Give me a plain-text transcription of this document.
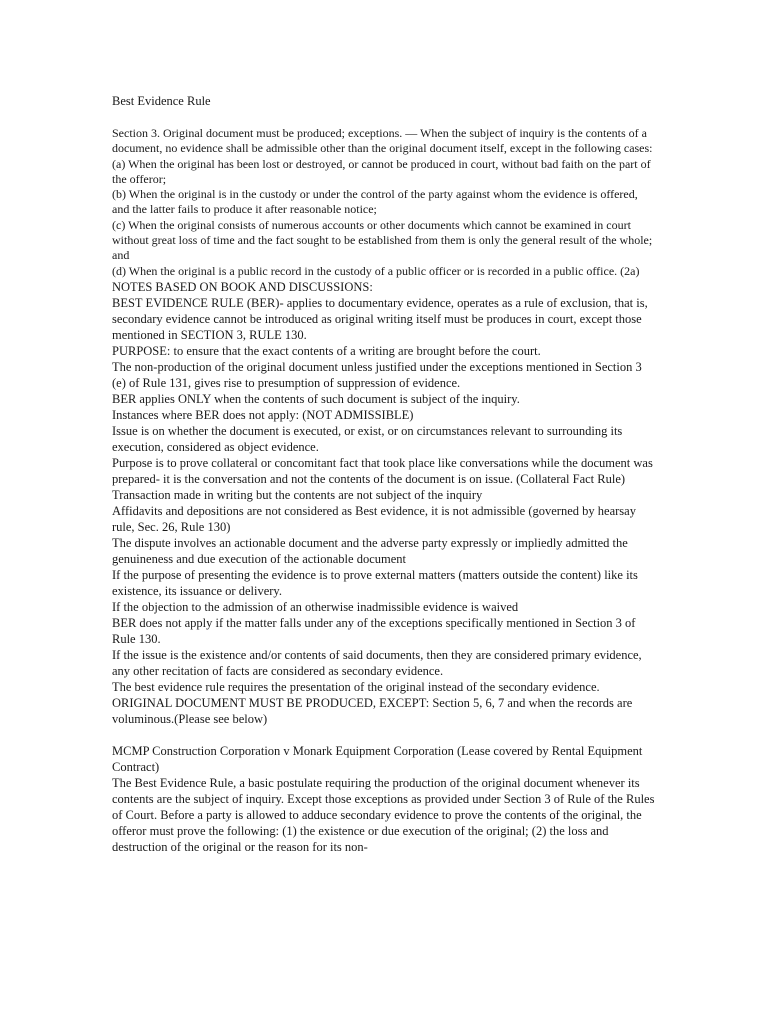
Best Evidence Rule

Section 3. Original document must be produced; exceptions. — When the subject of inquiry is the contents of a document, no evidence shall be admissible other than the original document itself, except in the following cases:

(a) When the original has been lost or destroyed, or cannot be produced in court, without bad faith on the part of the offeror;

(b) When the original is in the custody or under the control of the party against whom the evidence is offered, and the latter fails to produce it after reasonable notice;

(c) When the original consists of numerous accounts or other documents which cannot be examined in court without great loss of time and the fact sought to be established from them is only the general result of the whole; and

(d) When the original is a public record in the custody of a public officer or is recorded in a public office. (2a)

NOTES BASED ON BOOK AND DISCUSSIONS:

BEST EVIDENCE RULE (BER)- applies to documentary evidence, operates as a rule of exclusion, that is, secondary evidence cannot be introduced as original writing itself must be produces in court, except those mentioned in SECTION 3, RULE 130.

PURPOSE: to ensure that the exact contents of a writing are brought before the court.

The non-production of the original document unless justified under the exceptions mentioned in Section 3 (e) of Rule 131, gives rise to presumption of suppression of evidence.

BER applies ONLY when the contents of such document is subject of the inquiry.

Instances where BER does not apply: (NOT ADMISSIBLE)

Issue is on whether the document is executed, or exist, or on circumstances relevant to surrounding its execution, considered as object evidence.

Purpose is to prove collateral or concomitant fact that took place like conversations while the document was prepared- it is the conversation and not the contents of the document is on issue. (Collateral Fact Rule)

Transaction made in writing but the contents are not subject of the inquiry

Affidavits and depositions are not considered as Best evidence, it is not admissible (governed by hearsay rule, Sec. 26, Rule 130)

The dispute involves an actionable document and the adverse party expressly or impliedly admitted the genuineness and due execution of the actionable document

If the purpose of presenting the evidence is to prove external matters (matters outside the content) like its existence, its issuance or delivery.

If the objection to the admission of an otherwise inadmissible evidence is waived

BER does not apply if the matter falls under any of the exceptions specifically mentioned in Section 3 of Rule 130.

If the issue is the existence and/or contents of said documents, then they are considered primary evidence, any other recitation of facts are considered as secondary evidence.

The best evidence rule requires the presentation of the original instead of the secondary evidence.

ORIGINAL DOCUMENT MUST BE PRODUCED, EXCEPT: Section 5, 6, 7 and when the records are voluminous.(Please see below)

MCMP Construction Corporation v Monark Equipment Corporation (Lease covered by Rental Equipment Contract)

The Best Evidence Rule, a basic postulate requiring the production of the original document whenever its contents are the subject of inquiry. Except those exceptions as provided under Section 3 of Rule of the Rules of Court. Before a party is allowed to adduce secondary evidence to prove the contents of the original, the offeror must prove the following: (1) the existence or due execution of the original; (2) the loss and destruction of the original or the reason for its non-
